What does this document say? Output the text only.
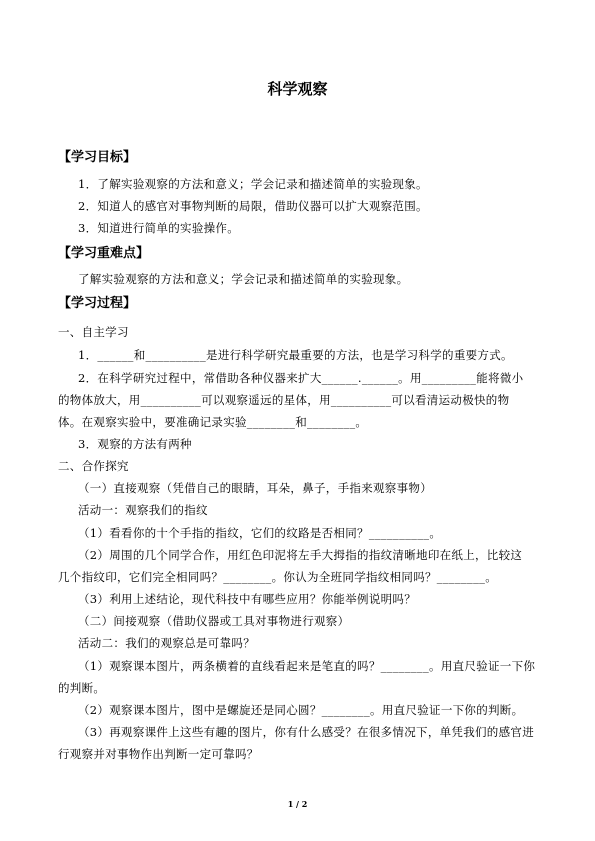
科学观察
【学习目标】
1．了解实验观察的方法和意义；学会记录和描述简单的实验现象。
2．知道人的感官对事物判断的局限，借助仪器可以扩大观察范围。
3．知道进行简单的实验操作。
【学习重难点】
了解实验观察的方法和意义；学会记录和描述简单的实验现象。
【学习过程】
一、自主学习
1．______和__________是进行科学研究最重要的方法，也是学习科学的重要方式。
2．在科学研究过程中，常借助各种仪器来扩大______.______。用_________能将微小
的物体放大，用__________可以观察遥远的星体，用__________可以看清运动极快的物
体。在观察实验中，要准确记录实验________和________。
3．观察的方法有两种
二、合作探究
（一）直接观察（凭借自己的眼睛，耳朵，鼻子，手指来观察事物）
活动一：观察我们的指纹
（1）看看你的十个手指的指纹，它们的纹路是否相同？__________。
（2）周围的几个同学合作，用红色印泥将左手大拇指的指纹清晰地印在纸上，比较这
几个指纹印，它们完全相同吗？________。你认为全班同学指纹相同吗？________。
（3）利用上述结论，现代科技中有哪些应用？你能举例说明吗？
（二）间接观察（借助仪器或工具对事物进行观察）
活动二：我们的观察总是可靠吗？
（1）观察课本图片，两条横着的直线看起来是笔直的吗？________。用直尺验证一下你
的判断。
（2）观察课本图片，图中是螺旋还是同心圆？________。用直尺验证一下你的判断。
（3）再观察课件上这些有趣的图片，你有什么感受？在很多情况下，单凭我们的感官进
行观察并对事物作出判断一定可靠吗？
1 / 2
